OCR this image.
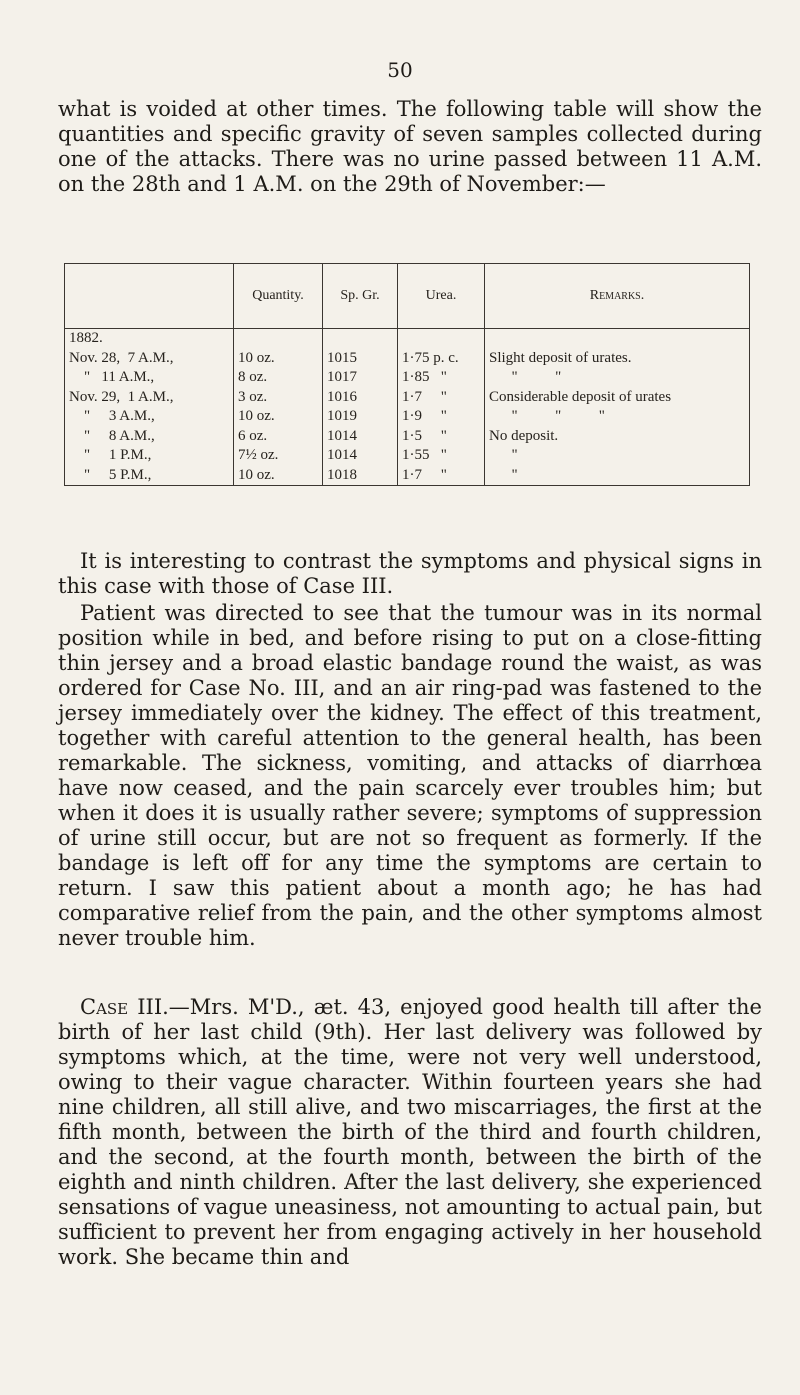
50

what is voided at other times. The following table will show the quantities and specific gravity of seven samples collected during one of the attacks. There was no urine passed between 11 A.M. on the 28th and 1 A.M. on the 29th of November:—

	Quantity.	Sp. Gr.	Urea.	Remarks.
1882.				
Nov. 28,  7 A.M.,	10 oz.	1015	1·75 p. c.	Slight deposit of urates.
"   11 A.M.,	8 oz.	1017	1·85   "	"          "
Nov. 29,  1 A.M.,	3 oz.	1016	1·7     "	Considerable deposit of urates
"     3 A.M.,	10 oz.	1019	1·9     "	"          "          "
"     8 A.M.,	6 oz.	1014	1·5     "	No deposit.
"     1 P.M.,	7½ oz.	1014	1·55   "	"
"     5 P.M.,	10 oz.	1018	1·7     "	"

It is interesting to contrast the symptoms and physical signs in this case with those of Case III.

Patient was directed to see that the tumour was in its normal position while in bed, and before rising to put on a close-fitting thin jersey and a broad elastic bandage round the waist, as was ordered for Case No. III, and an air ring-pad was fastened to the jersey immediately over the kidney. The effect of this treatment, together with careful attention to the general health, has been remarkable. The sickness, vomiting, and attacks of diarrhœa have now ceased, and the pain scarcely ever troubles him; but when it does it is usually rather severe; symptoms of suppression of urine still occur, but are not so frequent as formerly. If the bandage is left off for any time the symptoms are certain to return. I saw this patient about a month ago; he has had comparative relief from the pain, and the other symptoms almost never trouble him.

Case III.—Mrs. M'D., æt. 43, enjoyed good health till after the birth of her last child (9th). Her last delivery was followed by symptoms which, at the time, were not very well understood, owing to their vague character. Within fourteen years she had nine children, all still alive, and two miscarriages, the first at the fifth month, between the birth of the third and fourth children, and the second, at the fourth month, between the birth of the eighth and ninth children. After the last delivery, she experienced sensations of vague uneasiness, not amounting to actual pain, but sufficient to prevent her from engaging actively in her household work. She became thin and
